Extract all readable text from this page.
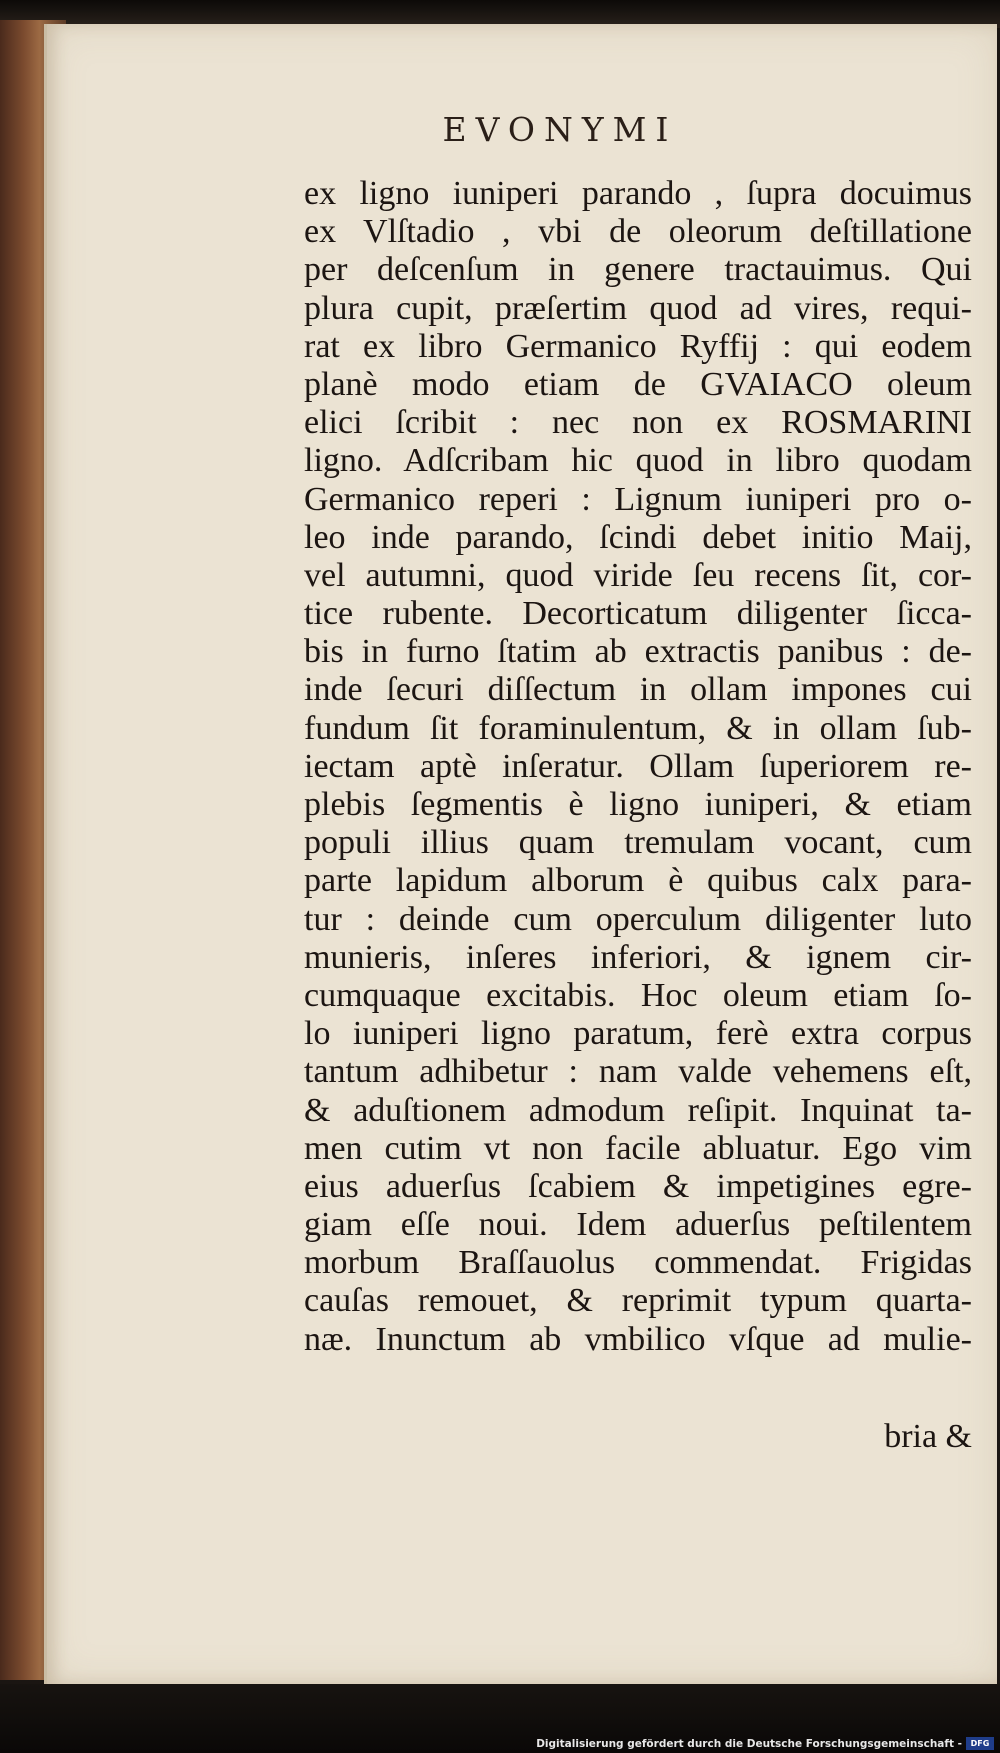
EVONYMI
ex ligno iuniperi parando , ſupra docuimus
ex Vlſtadio , vbi de oleorum deſtillatione
per deſcenſum in genere tractauimus. Qui
plura cupit, præſertim quod ad vires, requi-
rat ex libro Germanico Ryffij : qui eodem
planè modo etiam de GVAIACO oleum
elici ſcribit : nec non ex ROSMARINI
ligno. Adſcribam hic quod in libro quodam
Germanico reperi : Lignum iuniperi pro o-
leo inde parando, ſcindi debet initio Maij,
vel autumni, quod viride ſeu recens ſit, cor-
tice rubente. Decorticatum diligenter ſicca-
bis in furno ſtatim ab extractis panibus : de-
inde ſecuri diſſectum in ollam impones cui
fundum ſit foraminulentum, & in ollam ſub-
iectam aptè inſeratur. Ollam ſuperiorem re-
plebis ſegmentis è ligno iuniperi, & etiam
populi illius quam tremulam vocant, cum
parte lapidum alborum è quibus calx para-
tur : deinde cum operculum diligenter luto
munieris, inſeres inferiori, & ignem cir-
cumquaque excitabis. Hoc oleum etiam ſo-
lo iuniperi ligno paratum, ferè extra corpus
tantum adhibetur : nam valde vehemens eſt,
& aduſtionem admodum reſipit. Inquinat ta-
men cutim vt non facile abluatur. Ego vim
eius aduerſus ſcabiem & impetigines egre-
giam eſſe noui. Idem aduerſus peſtilentem
morbum Braſſauolus commendat. Frigidas
cauſas remouet, & reprimit typum quarta-
næ. Inunctum ab vmbilico vſque ad mulie-
bria &
Digitalisierung gefördert durch die Deutsche Forschungsgemeinschaft -	DFG
